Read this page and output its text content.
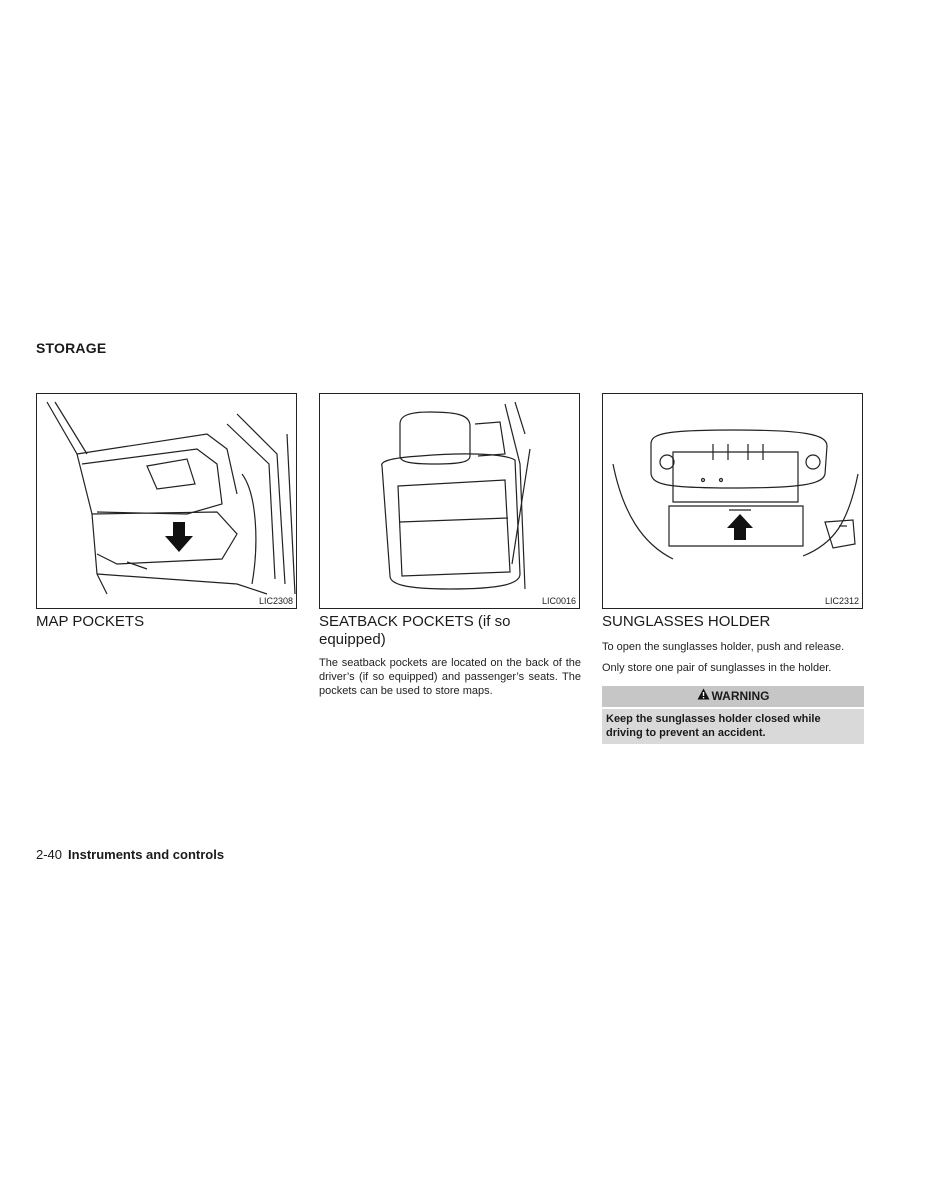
STORAGE
LIC2308	LIC0016	LIC2312
MAP POCKETS	SEATBACK POCKETS (if so equipped)
The seatback pockets are located on the back of the driver’s (if so equipped) and passenger’s seats. The pockets can be used to store maps.
SUNGLASSES HOLDER
To open the sunglasses holder, push and release.
Only store one pair of sunglasses in the holder.
WARNING
Keep the sunglasses holder closed while driving to prevent an accident.
2-40 Instruments and controls
